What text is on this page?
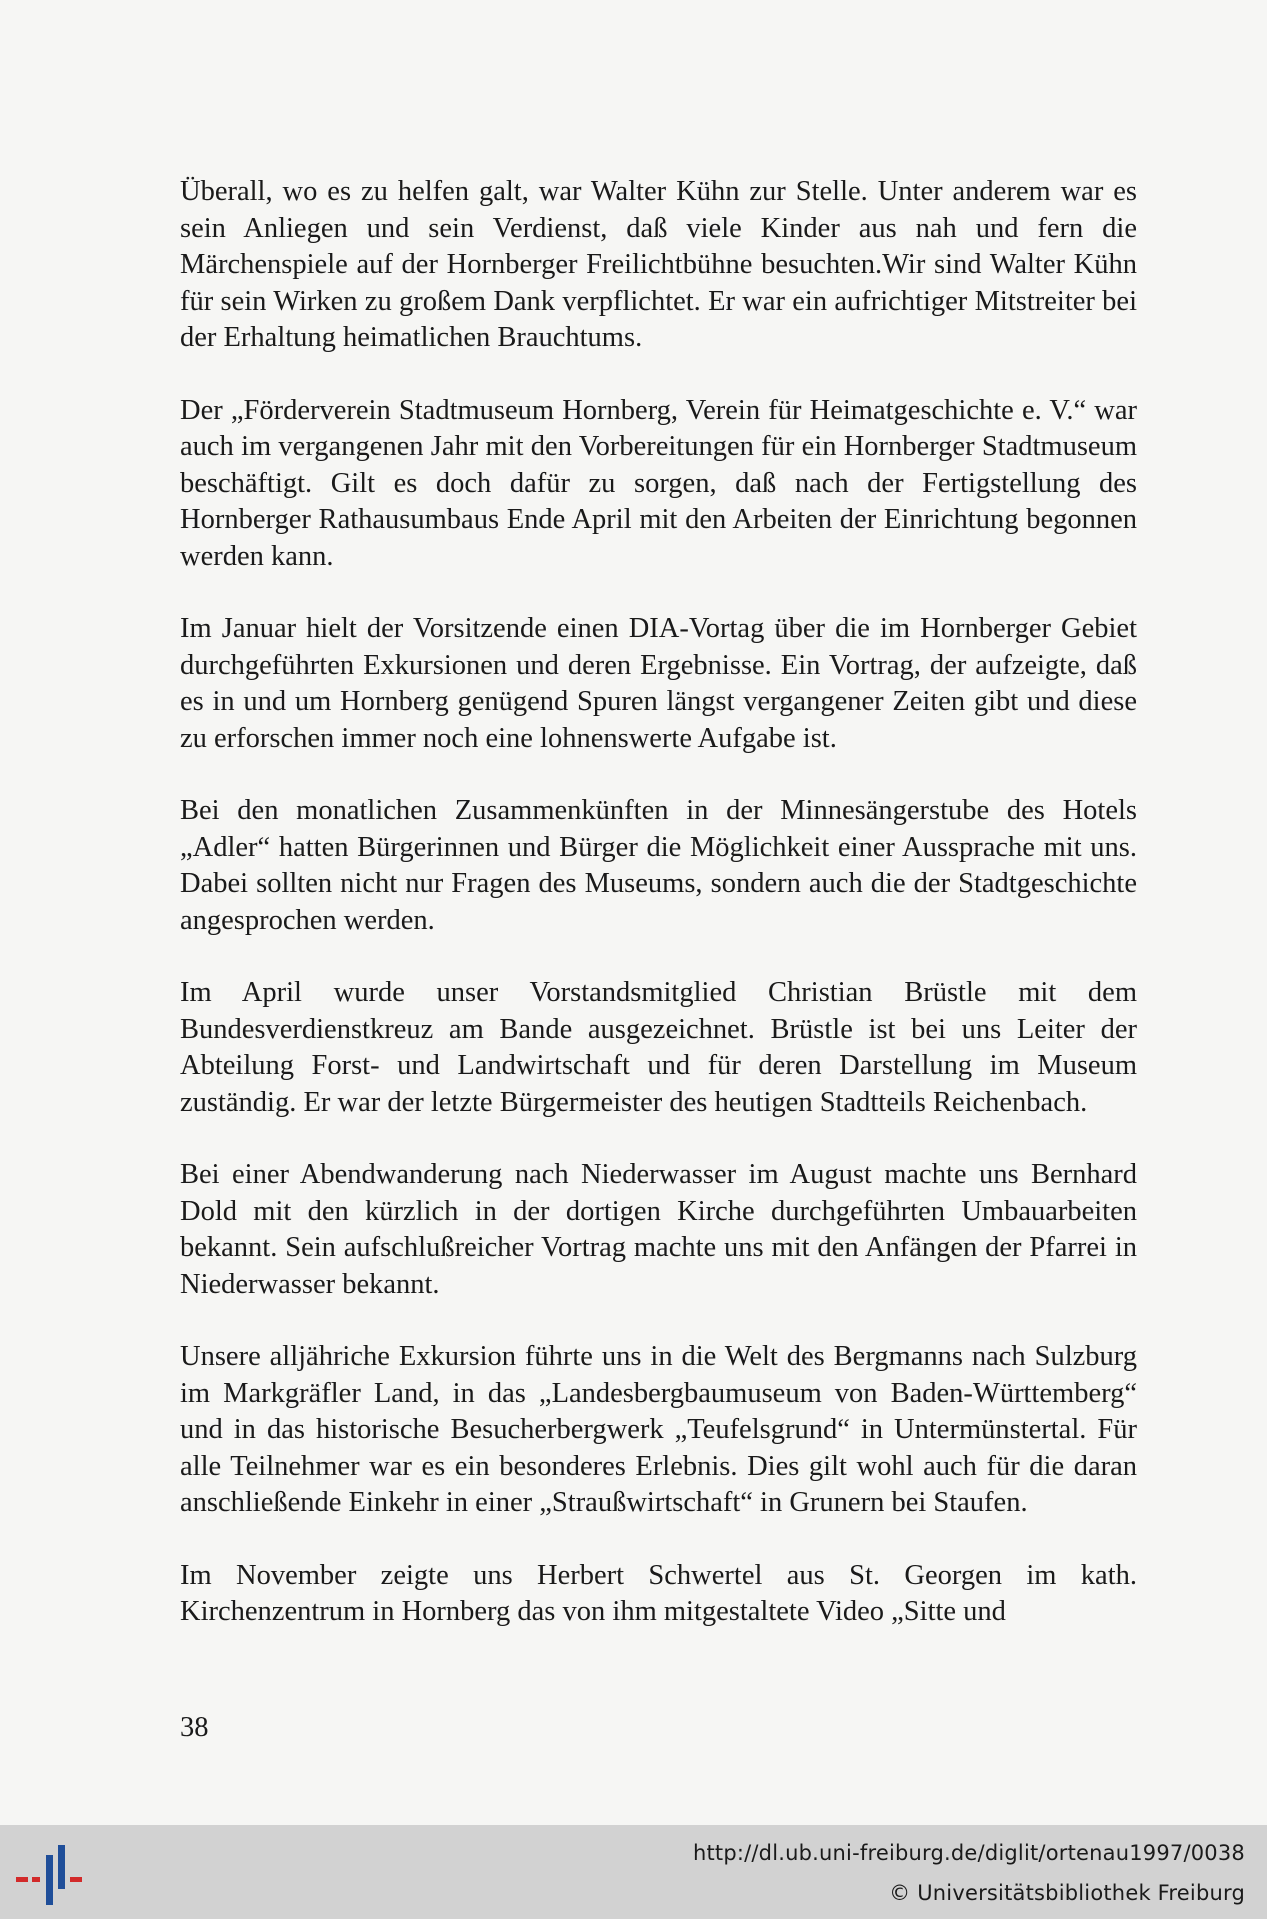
Überall, wo es zu helfen galt, war Walter Kühn zur Stelle. Unter anderem war es sein Anliegen und sein Verdienst, daß viele Kinder aus nah und fern die Märchenspiele auf der Hornberger Freilichtbühne besuchten.Wir sind Walter Kühn für sein Wirken zu großem Dank verpflichtet. Er war ein aufrichtiger Mitstreiter bei der Erhaltung heimatlichen Brauchtums.

Der „Förderverein Stadtmuseum Hornberg, Verein für Heimatgeschichte e. V.“ war auch im vergangenen Jahr mit den Vorbereitungen für ein Hornberger Stadtmuseum beschäftigt. Gilt es doch dafür zu sorgen, daß nach der Fertigstellung des Hornberger Rathausumbaus Ende April mit den Arbeiten der Einrichtung begonnen werden kann.

Im Januar hielt der Vorsitzende einen DIA-Vortag über die im Hornberger Gebiet durchgeführten Exkursionen und deren Ergebnisse. Ein Vortrag, der aufzeigte, daß es in und um Hornberg genügend Spuren längst vergangener Zeiten gibt und diese zu erforschen immer noch eine lohnenswerte Aufgabe ist.

Bei den monatlichen Zusammenkünften in der Minnesängerstube des Hotels „Adler“ hatten Bürgerinnen und Bürger die Möglichkeit einer Aussprache mit uns. Dabei sollten nicht nur Fragen des Museums, sondern auch die der Stadtgeschichte angesprochen werden.

Im April wurde unser Vorstandsmitglied Christian Brüstle mit dem Bundesverdienstkreuz am Bande ausgezeichnet. Brüstle ist bei uns Leiter der Abteilung Forst- und Landwirtschaft und für deren Darstellung im Museum zuständig. Er war der letzte Bürgermeister des heutigen Stadtteils Reichenbach.

Bei einer Abendwanderung nach Niederwasser im August machte uns Bernhard Dold mit den kürzlich in der dortigen Kirche durchgeführten Umbauarbeiten bekannt. Sein aufschlußreicher Vortrag machte uns mit den Anfängen der Pfarrei in Niederwasser bekannt.

Unsere alljähriche Exkursion führte uns in die Welt des Bergmanns nach Sulzburg im Markgräfler Land, in das „Landesbergbaumuseum von Baden-Württemberg“ und in das historische Besucherbergwerk „Teufelsgrund“ in Untermünstertal. Für alle Teilnehmer war es ein besonderes Erlebnis. Dies gilt wohl auch für die daran anschließende Einkehr in einer „Straußwirtschaft“ in Grunern bei Staufen.

Im November zeigte uns Herbert Schwertel aus St. Georgen im kath. Kirchenzentrum in Hornberg das von ihm mitgestaltete Video „Sitte und

38
http://dl.ub.uni-freiburg.de/diglit/ortenau1997/0038
© Universitätsbibliothek Freiburg
